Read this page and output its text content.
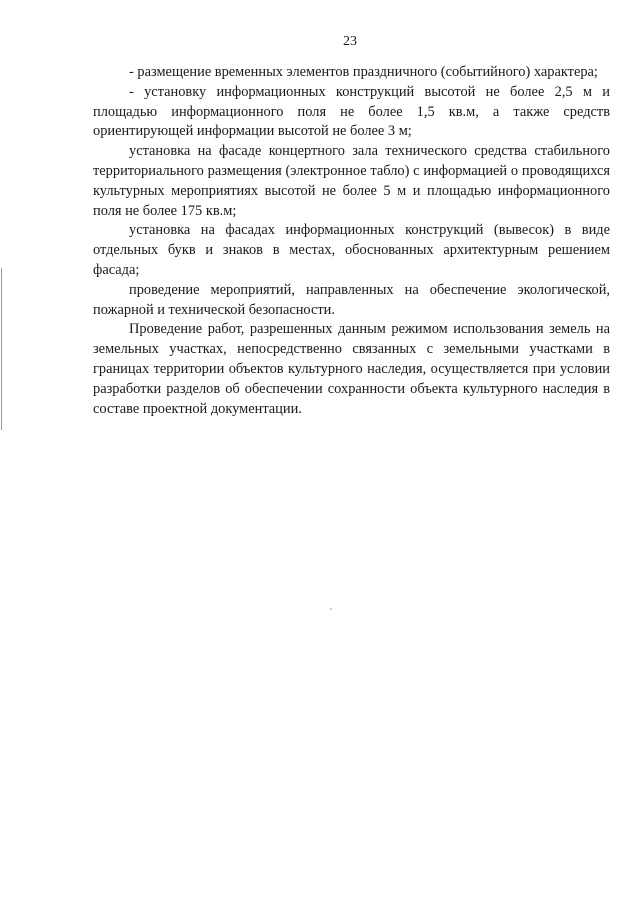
23

- размещение временных элементов праздничного (событийного) характера;

- установку информационных конструкций высотой не более 2,5 м и площадью информационного поля не более 1,5 кв.м, а также средств ориентирующей информации высотой не более 3 м;

установка на фасаде концертного зала технического средства стабильного территориального размещения (электронное табло) с информацией о проводящихся культурных мероприятиях высотой не более 5 м и площадью информационного поля не более 175 кв.м;

установка на фасадах информационных конструкций (вывесок) в виде отдельных букв и знаков в местах, обоснованных архитектурным решением фасада;

проведение мероприятий, направленных на обеспечение экологической, пожарной и технической безопасности.

Проведение работ, разрешенных данным режимом использования земель на земельных участках, непосредственно связанных с земельными участками в границах территории объектов культурного наследия, осуществляется при условии разработки разделов об обеспечении сохранности объекта культурного наследия в составе проектной документации.
